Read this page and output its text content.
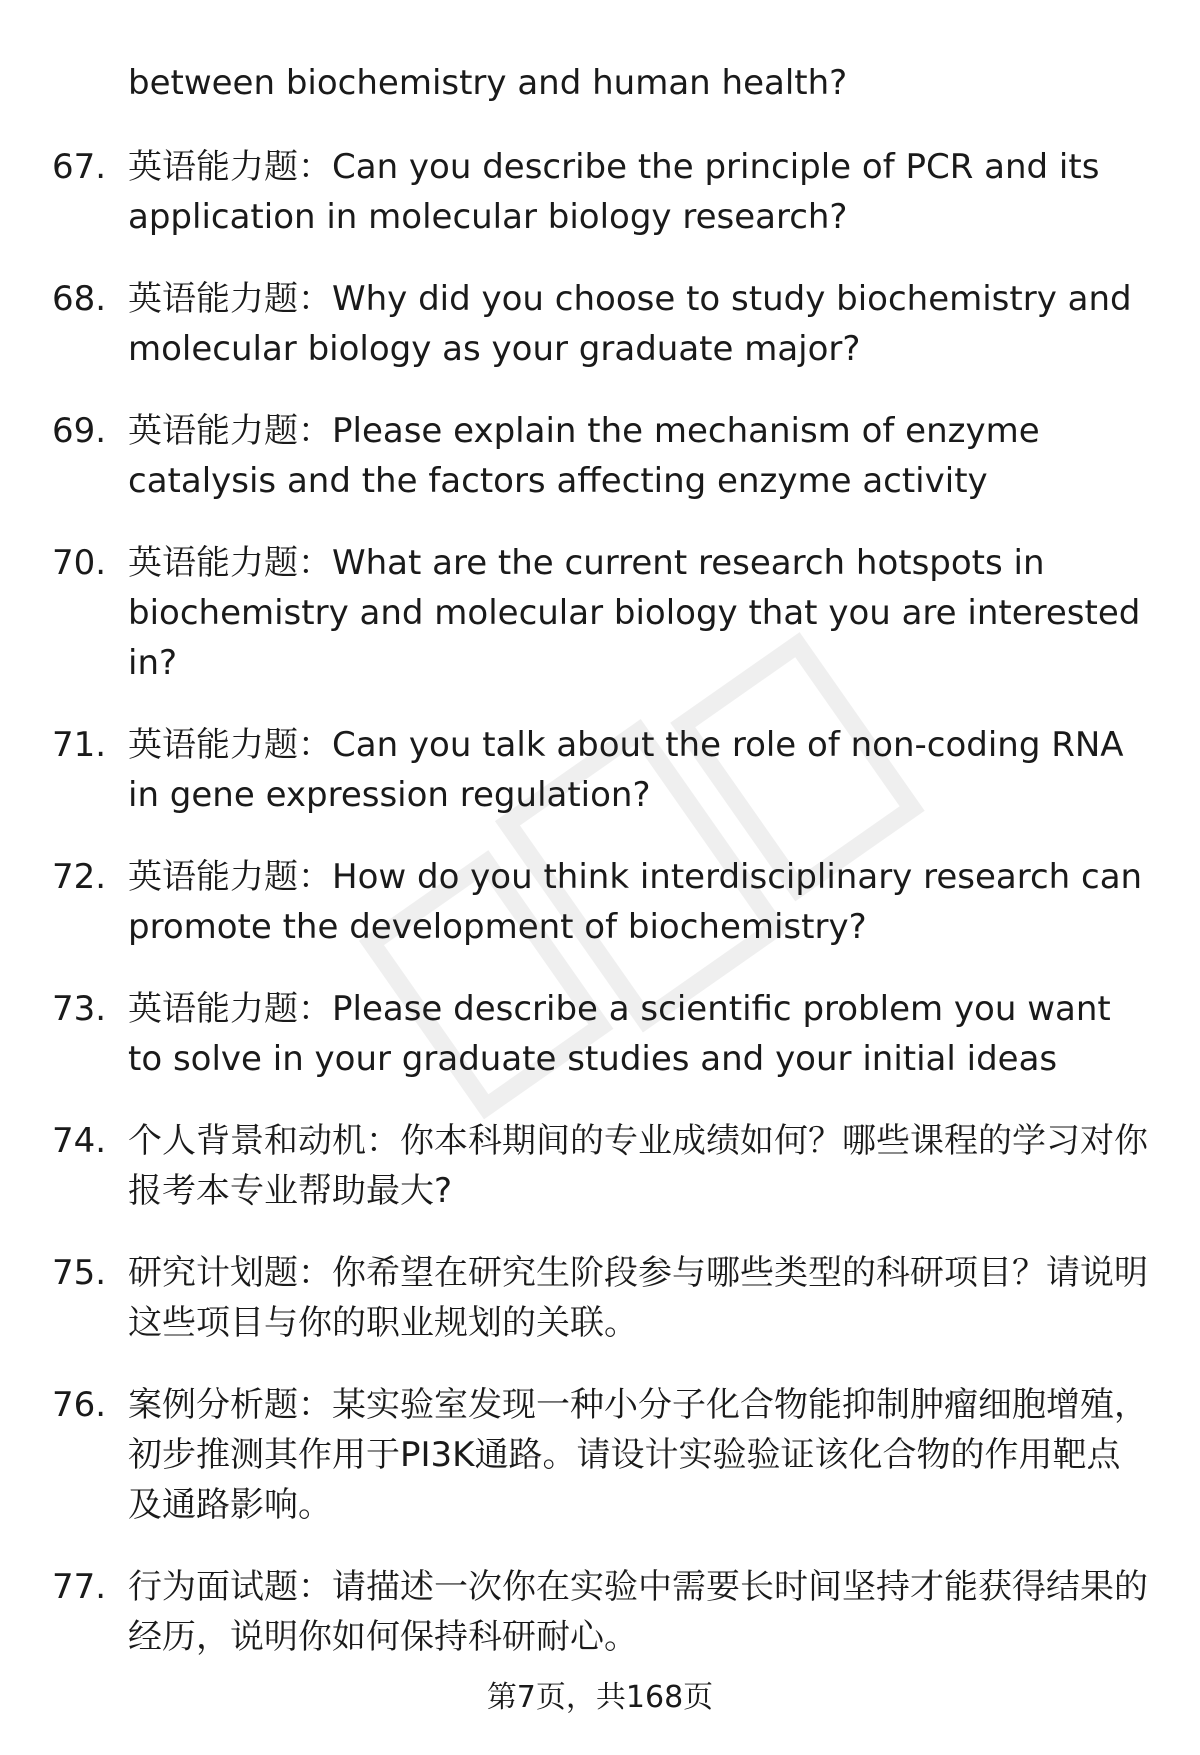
between biochemistry and human health?
67. 英语能力题：Can you describe the principle of PCR and its application in molecular biology research?
68. 英语能力题：Why did you choose to study biochemistry and molecular biology as your graduate major?
69. 英语能力题：Please explain the mechanism of enzyme catalysis and the factors affecting enzyme activity
70. 英语能力题：What are the current research hotspots in biochemistry and molecular biology that you are interested in?
71. 英语能力题：Can you talk about the role of non-coding RNA in gene expression regulation?
72. 英语能力题：How do you think interdisciplinary research can promote the development of biochemistry?
73. 英语能力题：Please describe a scientific problem you want to solve in your graduate studies and your initial ideas
74. 个人背景和动机：你本科期间的专业成绩如何？哪些课程的学习对你报考本专业帮助最大?
75. 研究计划题：你希望在研究生阶段参与哪些类型的科研项目？请说明这些项目与你的职业规划的关联。
76. 案例分析题：某实验室发现一种小分子化合物能抑制肿瘤细胞增殖，初步推测其作用于PI3K通路。请设计实验验证该化合物的作用靶点及通路影响。
77. 行为面试题：请描述一次你在实验中需要长时间坚持才能获得结果的经历，说明你如何保持科研耐心。
第7页，共168页
